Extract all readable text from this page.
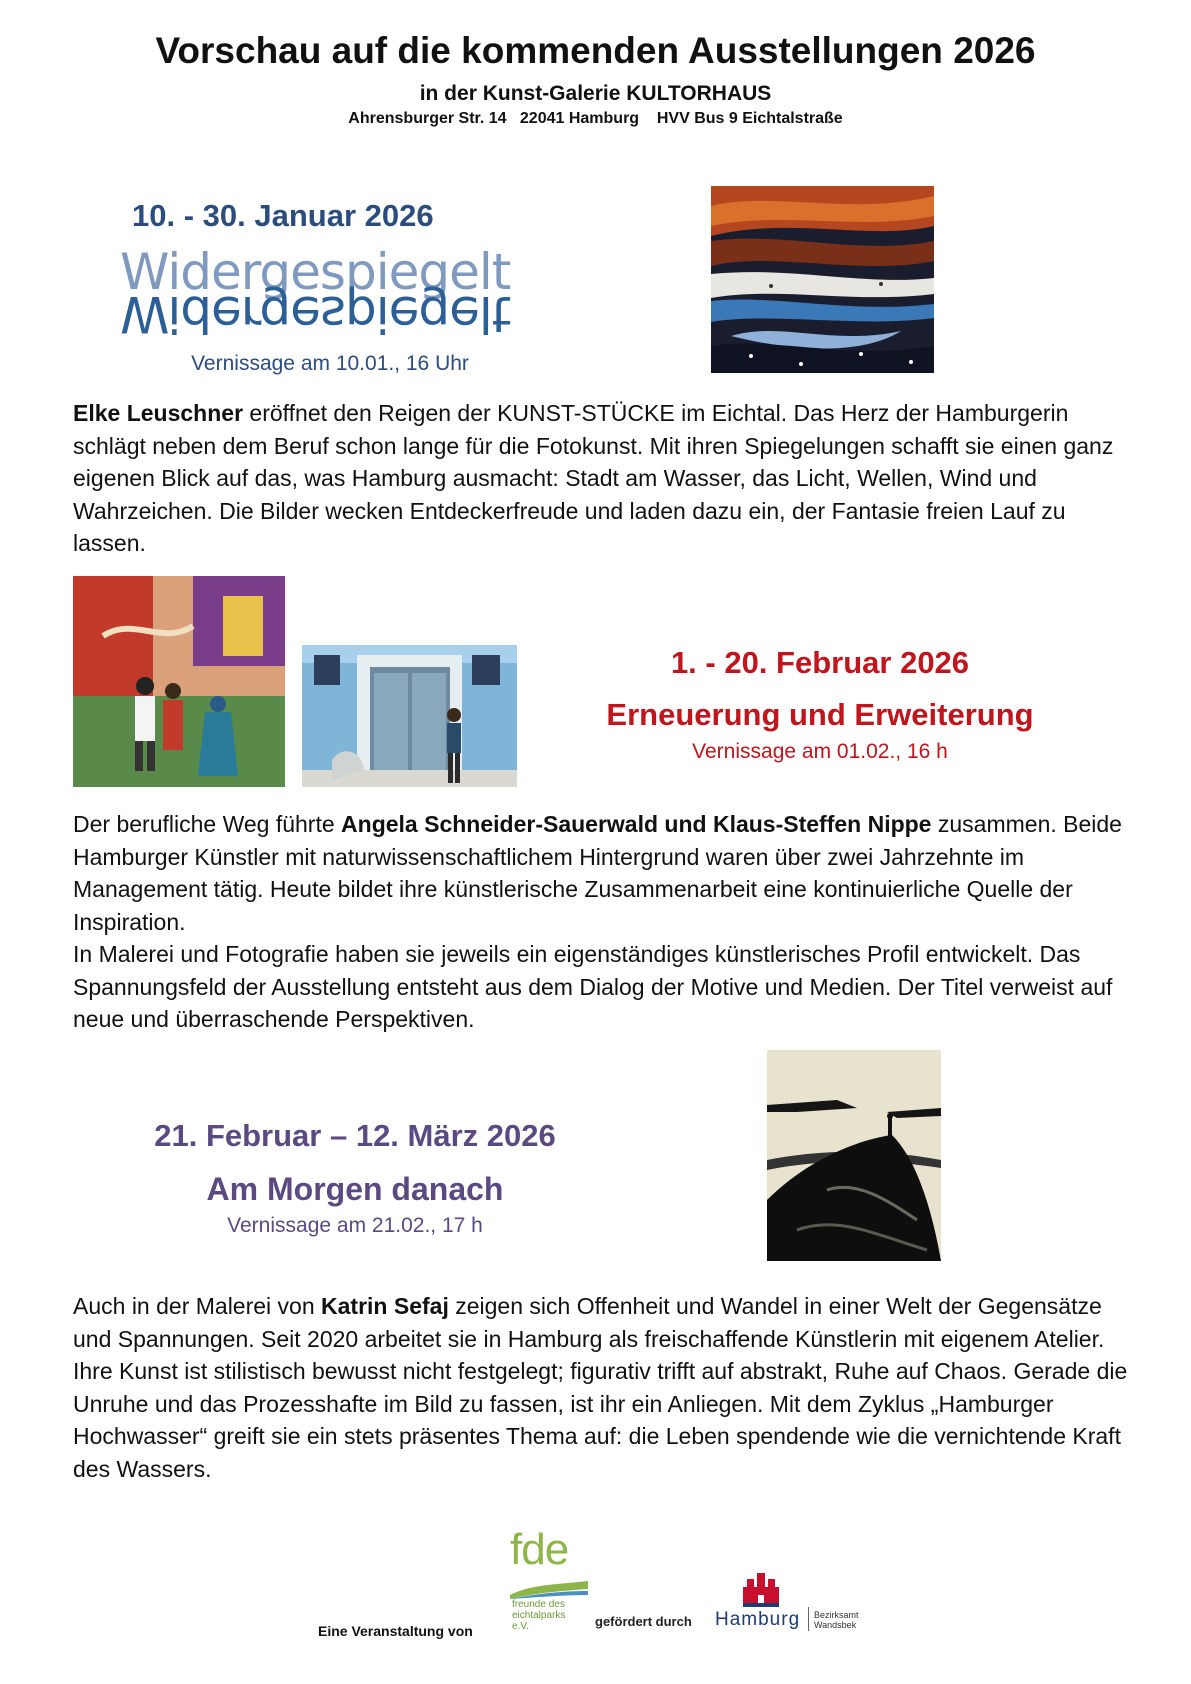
Vorschau auf die kommenden Ausstellungen 2026
in der Kunst-Galerie KULTORHAUS
Ahrensburger Str. 14   22041 Hamburg    HVV Bus 9 Eichtalstraße
10. - 30. Januar 2026
Widergespiegelt
Widergespiegelt
Vernissage am 10.01., 16 Uhr

Elke Leuschner eröffnet den Reigen der KUNST-STÜCKE im Eichtal. Das Herz der Hamburgerin schlägt neben dem Beruf schon lange für die Fotokunst. Mit ihren Spiegelungen schafft sie einen ganz eigenen Blick auf das, was Hamburg ausmacht: Stadt am Wasser, das Licht, Wellen, Wind und Wahrzeichen. Die Bilder wecken Entdeckerfreude und laden dazu ein, der Fantasie freien Lauf zu lassen.

1. - 20. Februar 2026
Erneuerung und Erweiterung
Vernissage am 01.02., 16 h

Der berufliche Weg führte Angela Schneider-Sauerwald und Klaus-Steffen Nippe zusammen. Beide Hamburger Künstler mit naturwissenschaftlichem Hintergrund waren über zwei Jahrzehnte im Management tätig. Heute bildet ihre künstlerische Zusammenarbeit eine kontinuierliche Quelle der Inspiration.

In Malerei und Fotografie haben sie jeweils ein eigenständiges künstlerisches Profil entwickelt. Das Spannungsfeld der Ausstellung entsteht aus dem Dialog der Motive und Medien. Der Titel verweist auf neue und überraschende Perspektiven.

21. Februar – 12. März 2026
Am Morgen danach
Vernissage am 21.02., 17 h

Auch in der Malerei von Katrin Sefaj zeigen sich Offenheit und Wandel in einer Welt der Gegensätze und Spannungen. Seit 2020 arbeitet sie in Hamburg als freischaffende Künstlerin mit eigenem Atelier.

Ihre Kunst ist stilistisch bewusst nicht festgelegt; figurativ trifft auf abstrakt, Ruhe auf Chaos. Gerade die Unruhe und das Prozesshafte im Bild zu fassen, ist ihr ein Anliegen. Mit dem Zyklus „Hamburger Hochwasser“ greift sie ein stets präsentes Thema auf: die Leben spendende wie die vernichtende Kraft des Wassers.

Eine Veranstaltung von
fde
freunde des
eichtalparks
e.V.	gefördert durch Hamburg Bezirksamt
Wandsbek
